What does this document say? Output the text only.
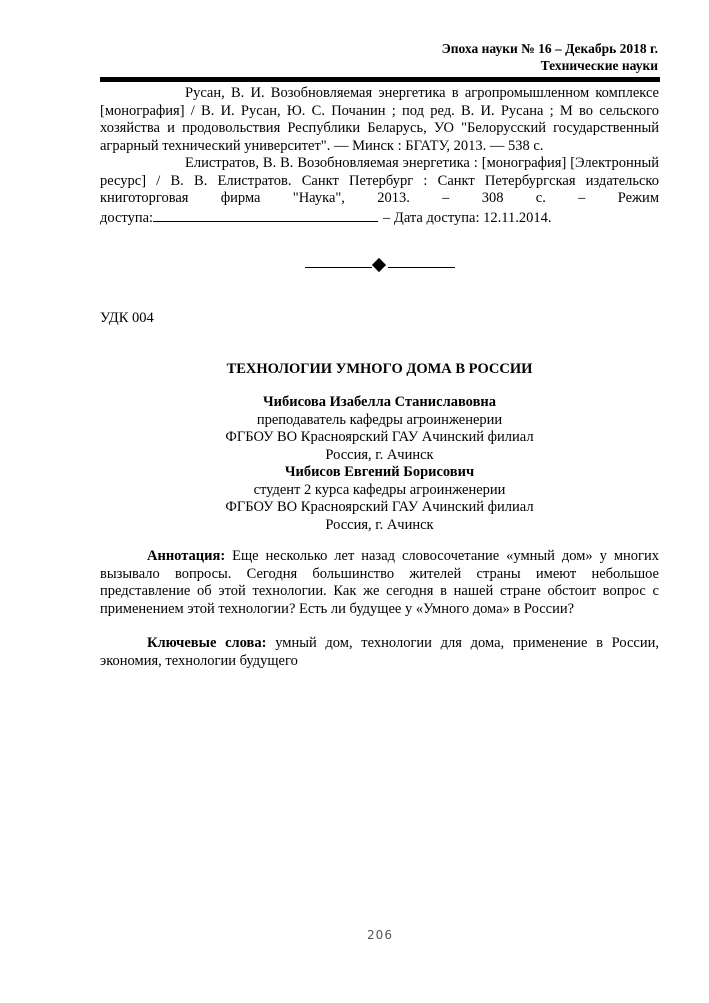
Эпоха науки № 16 – Декабрь 2018 г.
Технические науки

Русан, В. И. Возобновляемая энергетика в агропромышленном комплексе [монография] / В. И. Русан, Ю. С. Почанин ; под ред. В. И. Русана ; М во сельского хозяйства и продовольствия Республики Беларусь, УО "Белорусский государственный аграрный технический университет". — Минск : БГАТУ, 2013. — 538 с.

Елистратов, В. В. Возобновляемая энергетика : [монография] [Электронный ресурс] / В. В. Елистратов. Санкт Петербург : Санкт Петербургская издательско книготорговая фирма "Наука", 2013. – 308 с. – Режим

доступа:	– Дата доступа: 12.11.2014.
УДК 004
ТЕХНОЛОГИИ УМНОГО ДОМА В РОССИИ
Чибисова Изабелла Станиславовна
преподаватель кафедры агроинженерии
ФГБОУ ВО Красноярский ГАУ Ачинский филиал
Россия, г. Ачинск
Чибисов Евгений Борисович
студент 2 курса кафедры агроинженерии
ФГБОУ ВО Красноярский ГАУ Ачинский филиал
Россия, г. Ачинск

Аннотация: Еще несколько лет назад словосочетание «умный дом» у многих вызывало вопросы. Сегодня большинство жителей страны имеют небольшое представление об этой технологии. Как же сегодня в нашей стране обстоит вопрос с применением этой технологии? Есть ли будущее у «Умного дома» в России?

Ключевые слова: умный дом, технологии для дома, применение в России, экономия, технологии будущего

206
